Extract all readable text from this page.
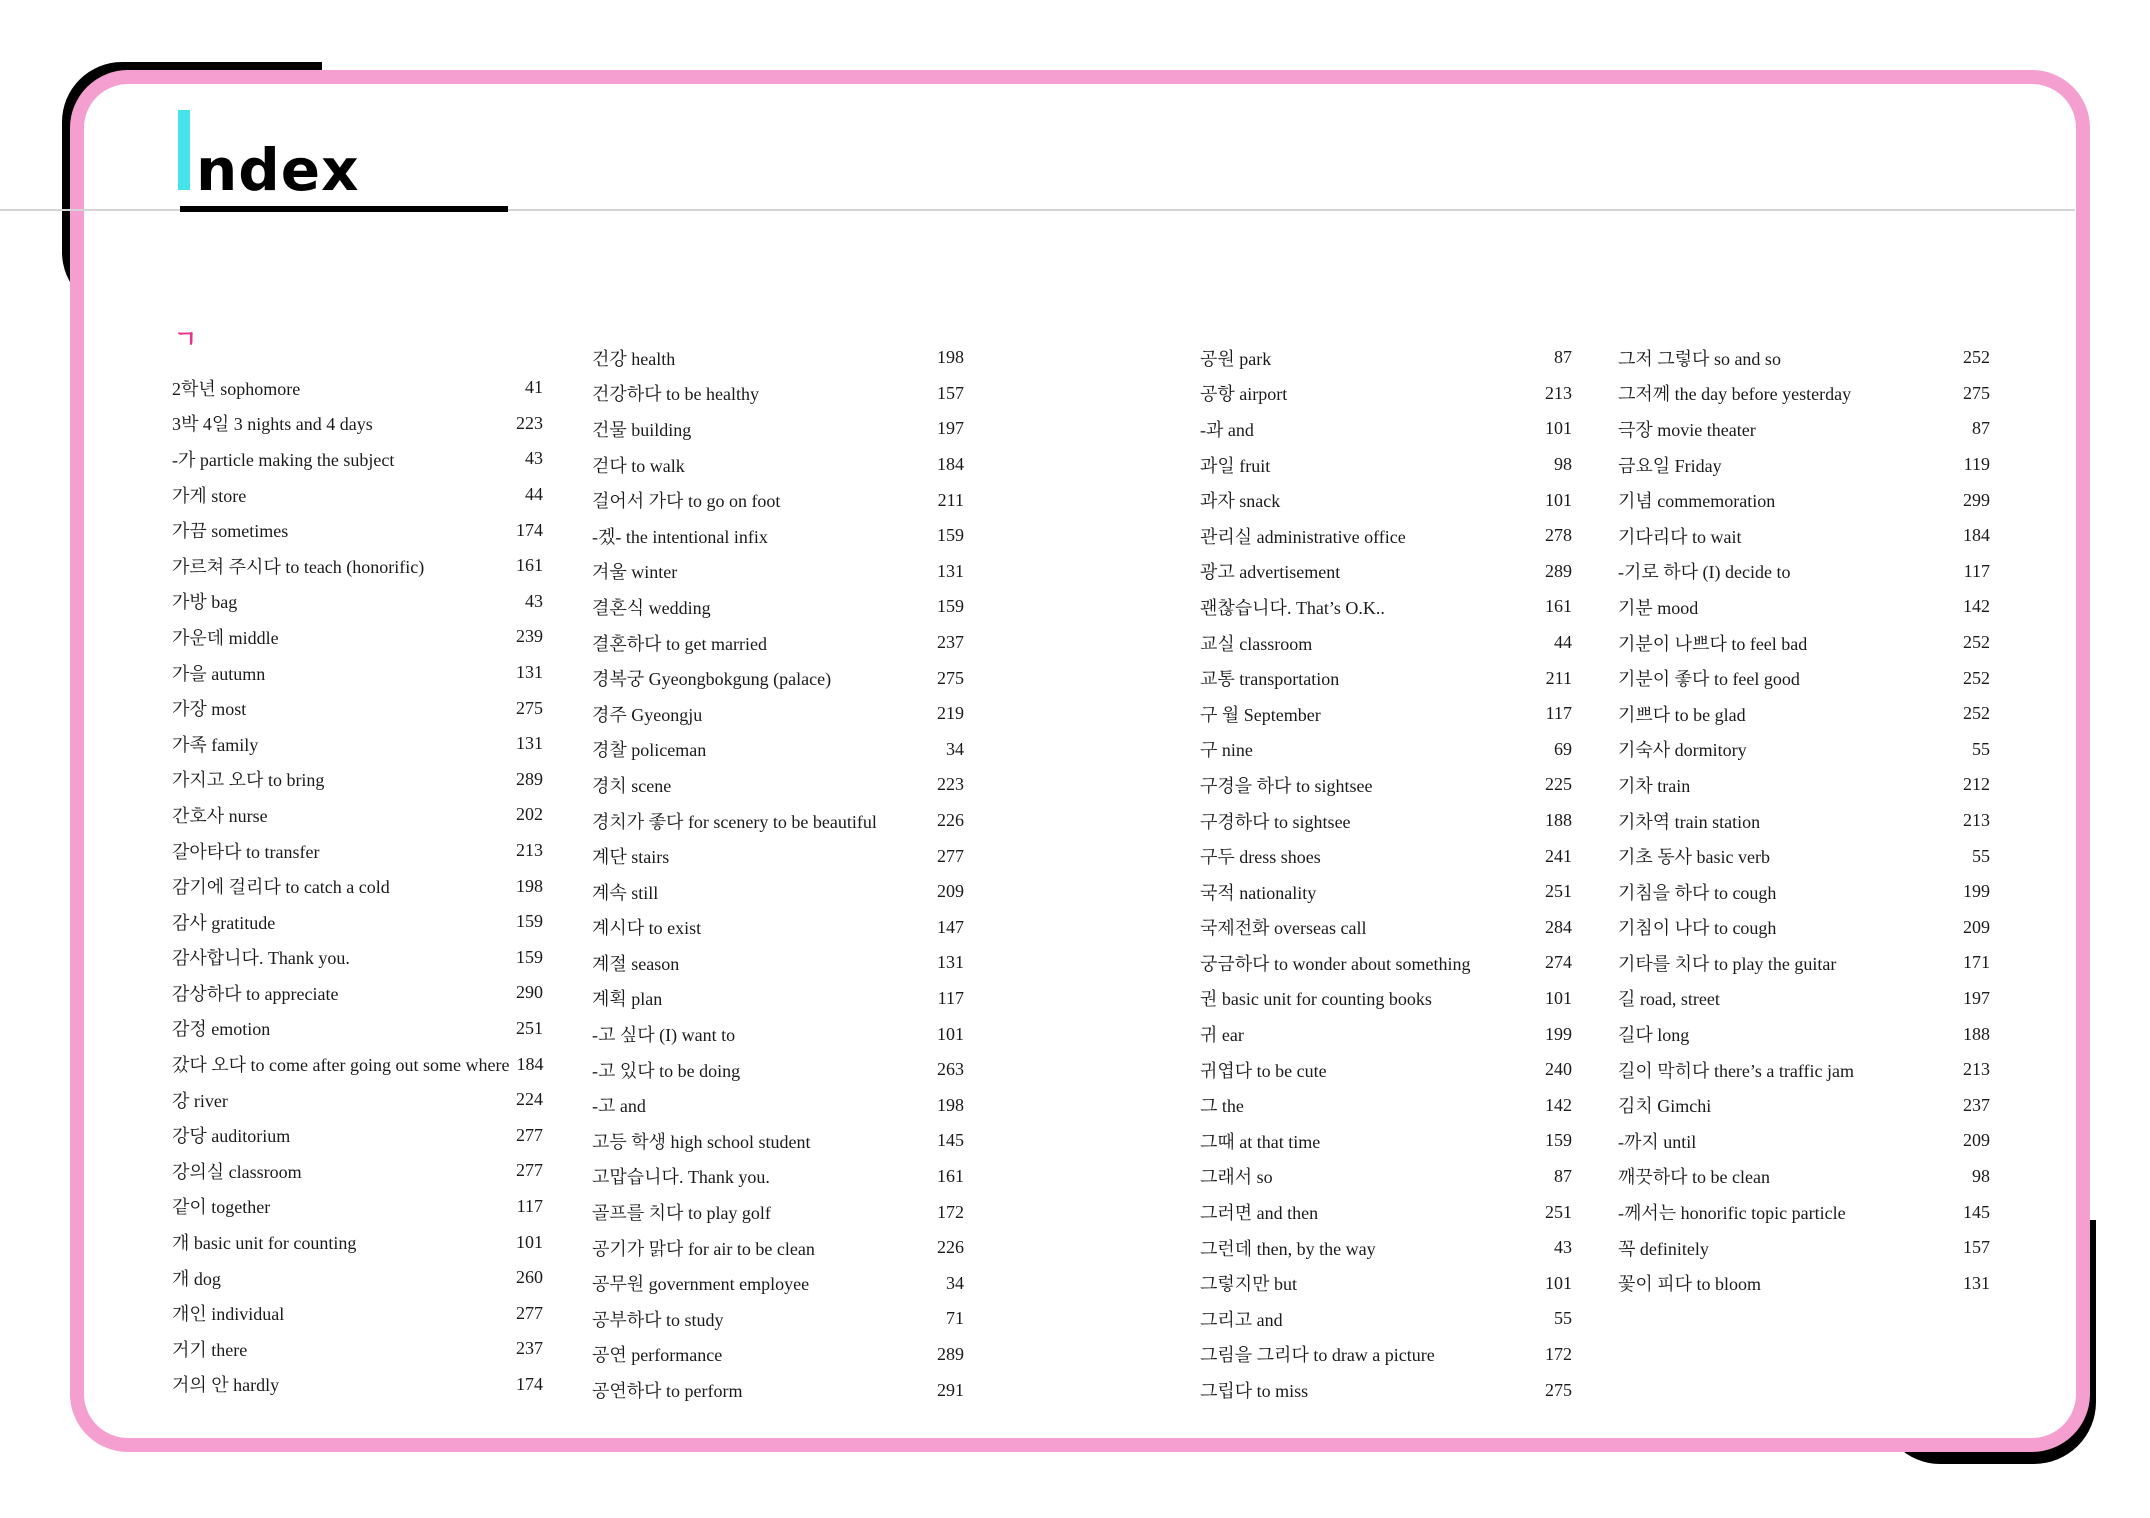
ndex
ㄱ
2학년 sophomore	41
3박 4일 3 nights and 4 days	223
-가 particle making the subject	43
가게 store	44
가끔 sometimes	174
가르쳐 주시다 to teach (honorific)	161
가방 bag	43
가운데 middle	239
가을 autumn	131
가장 most	275
가족 family	131
가지고 오다 to bring	289
간호사 nurse	202
갈아타다 to transfer	213
감기에 걸리다 to catch a cold	198
감사 gratitude	159
감사합니다. Thank you.	159
감상하다 to appreciate	290
감정 emotion	251
갔다 오다 to come after going out some where 184
강 river	224
강당 auditorium	277
강의실 classroom	277
같이 together	117
개 basic unit for counting	101
개 dog	260
개인 individual	277
거기 there	237
거의 안 hardly	174
건강 health	198
건강하다 to be healthy	157
건물 building	197
걷다 to walk	184
걸어서 가다 to go on foot	211
-겠- the intentional infix	159
겨울 winter	131
결혼식 wedding	159
결혼하다 to get married	237
경복궁 Gyeongbokgung (palace)	275
경주 Gyeongju	219
경찰 policeman	34
경치 scene	223
경치가 좋다 for scenery to be beautiful	226
계단 stairs	277
계속 still	209
계시다 to exist	147
계절 season	131
계획 plan	117
-고 싶다 (I) want to	101
-고 있다 to be doing	263
-고 and	198
고등 학생 high school student	145
고맙습니다. Thank you.	161
골프를 치다 to play golf	172
공기가 맑다 for air to be clean	226
공무원 government employee	34
공부하다 to study	71
공연 performance	289
공연하다 to perform	291
공원 park	87
공항 airport	213
-과 and	101
과일 fruit	98
과자 snack	101
관리실 administrative office	278
광고 advertisement	289
괜찮습니다. That’s O.K..	161
교실 classroom	44
교통 transportation	211
구 월 September	117
구 nine	69
구경을 하다 to sightsee	225
구경하다 to sightsee	188
구두 dress shoes	241
국적 nationality	251
국제전화 overseas call	284
궁금하다 to wonder about something	274
권 basic unit for counting books	101
귀 ear	199
귀엽다 to be cute	240
그 the	142
그때 at that time	159
그래서 so	87
그러면 and then	251
그런데 then, by the way	43
그렇지만 but	101
그리고 and	55
그림을 그리다 to draw a picture	172
그립다 to miss	275
그저 그렇다 so and so	252
그저께 the day before yesterday	275
극장 movie theater	87
금요일 Friday	119
기념 commemoration	299
기다리다 to wait	184
-기로 하다 (I) decide to	117
기분 mood	142
기분이 나쁘다 to feel bad	252
기분이 좋다 to feel good	252
기쁘다 to be glad	252
기숙사 dormitory	55
기차 train	212
기차역 train station	213
기초 동사 basic verb	55
기침을 하다 to cough	199
기침이 나다 to cough	209
기타를 치다 to play the guitar	171
길 road, street	197
길다 long	188
길이 막히다 there’s a traffic jam	213
김치 Gimchi	237
-까지 until	209
깨끗하다 to be clean	98
-께서는 honorific topic particle	145
꼭 definitely	157
꽃이 피다 to bloom	131
